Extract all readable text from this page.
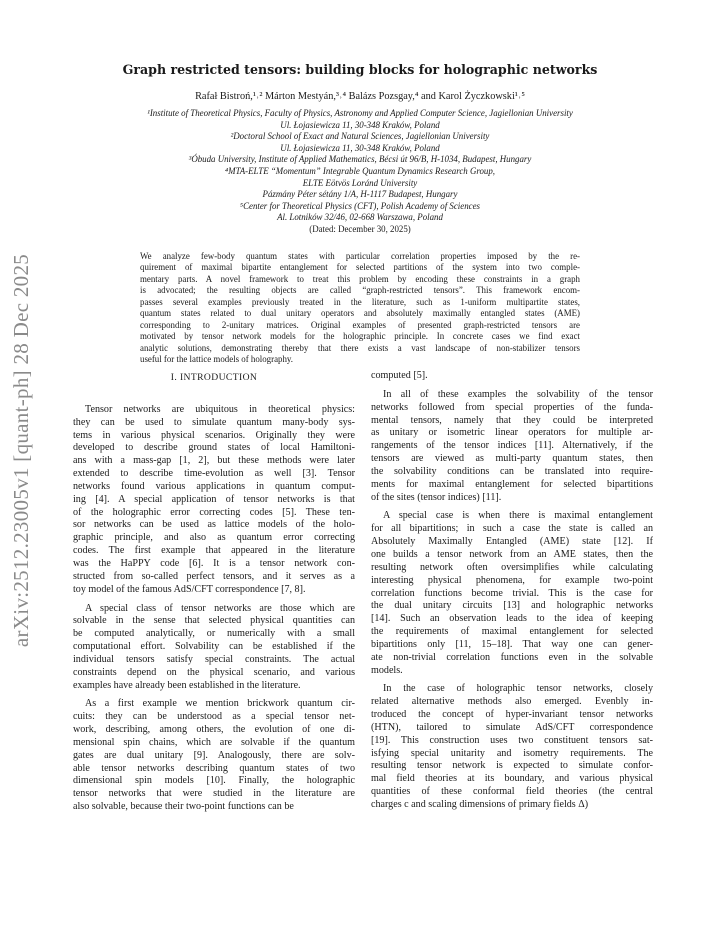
arXiv:2512.23005v1 [quant-ph] 28 Dec 2025
Graph restricted tensors: building blocks for holographic networks
Rafał Bistroń,¹˒² Márton Mestyán,³˒⁴ Balázs Pozsgay,⁴ and Karol Życzkowski¹˒⁵
¹Institute of Theoretical Physics, Faculty of Physics, Astronomy and Applied Computer Science, Jagiellonian University
Ul. Łojasiewicza 11, 30-348 Kraków, Poland
²Doctoral School of Exact and Natural Sciences, Jagiellonian University
Ul. Łojasiewicza 11, 30-348 Kraków, Poland
³Óbuda University, Institute of Applied Mathematics, Bécsi út 96/B, H-1034, Budapest, Hungary
⁴MTA-ELTE “Momentum” Integrable Quantum Dynamics Research Group,
ELTE Eötvös Loránd University
Pázmány Péter sétány 1/A, H-1117 Budapest, Hungary
⁵Center for Theoretical Physics (CFT), Polish Academy of Sciences
Al. Lotników 32/46, 02-668 Warszawa, Poland
(Dated: December 30, 2025)
We analyze few-body quantum states with particular correlation properties imposed by the re-
quirement of maximal bipartite entanglement for selected partitions of the system into two comple-
mentary parts. A novel framework to treat this problem by encoding these constraints in a graph
is advocated; the resulting objects are called “graph-restricted tensors”. This framework encom-
passes several examples previously treated in the literature, such as 1-uniform multipartite states,
quantum states related to dual unitary operators and absolutely maximally entangled states (AME)
corresponding to 2-unitary matrices. Original examples of presented graph-restricted tensors are
motivated by tensor network models for the holographic principle. In concrete cases we find exact
analytic solutions, demonstrating thereby that there exists a vast landscape of non-stabilizer tensors
useful for the lattice models of holography.
I. INTRODUCTION
Tensor networks are ubiquitous in theoretical physics:
they can be used to simulate quantum many-body sys-
tems in various physical scenarios. Originally they were
developed to describe ground states of local Hamiltoni-
ans with a mass-gap [1, 2], but these methods were later
extended to describe time-evolution as well [3]. Tensor
networks found various applications in quantum comput-
ing [4]. A special application of tensor networks is that
of the holographic error correcting codes [5]. These ten-
sor networks can be used as lattice models of the holo-
graphic principle, and also as quantum error correcting
codes. The first example that appeared in the literature
was the HaPPY code [6]. It is a tensor network con-
structed from so-called perfect tensors, and it serves as a
toy model of the famous AdS/CFT correspondence [7, 8].
A special class of tensor networks are those which are
solvable in the sense that selected physical quantities can
be computed analytically, or numerically with a small
computational effort. Solvability can be established if the
individual tensors satisfy special constraints. The actual
constraints depend on the physical scenario, and various
examples have already been established in the literature.
As a first example we mention brickwork quantum cir-
cuits: they can be understood as a special tensor net-
work, describing, among others, the evolution of one di-
mensional spin chains, which are solvable if the quantum
gates are dual unitary [9]. Analogously, there are solv-
able tensor networks describing quantum states of two
dimensional spin models [10]. Finally, the holographic
tensor networks that were studied in the literature are
also solvable, because their two-point functions can be
computed [5].
In all of these examples the solvability of the tensor
networks followed from special properties of the funda-
mental tensors, namely that they could be interpreted
as unitary or isometric linear operators for multiple ar-
rangements of the tensor indices [11]. Alternatively, if the
tensors are viewed as multi-party quantum states, then
the solvability conditions can be translated into require-
ments for maximal entanglement for selected bipartitions
of the sites (tensor indices) [11].
A special case is when there is maximal entanglement
for all bipartitions; in such a case the state is called an
Absolutely Maximally Entangled (AME) state [12]. If
one builds a tensor network from an AME states, then the
resulting network often oversimplifies while calculating
interesting physical phenomena, for example two-point
correlation functions become trivial. This is the case for
the dual unitary circuits [13] and holographic networks
[14]. Such an observation leads to the idea of keeping
the requirements of maximal entanglement for selected
bipartitions only [11, 15–18]. That way one can gener-
ate non-trivial correlation functions even in the solvable
models.
In the case of holographic tensor networks, closely
related alternative methods also emerged. Evenbly in-
troduced the concept of hyper-invariant tensor networks
(HTN), tailored to simulate AdS/CFT correspondence
[19]. This construction uses two constituent tensors sat-
isfying special unitarity and isometry requirements. The
resulting tensor network is expected to simulate confor-
mal field theories at its boundary, and various physical
quantities of these conformal field theories (the central
charges c and scaling dimensions of primary fields Δ)
